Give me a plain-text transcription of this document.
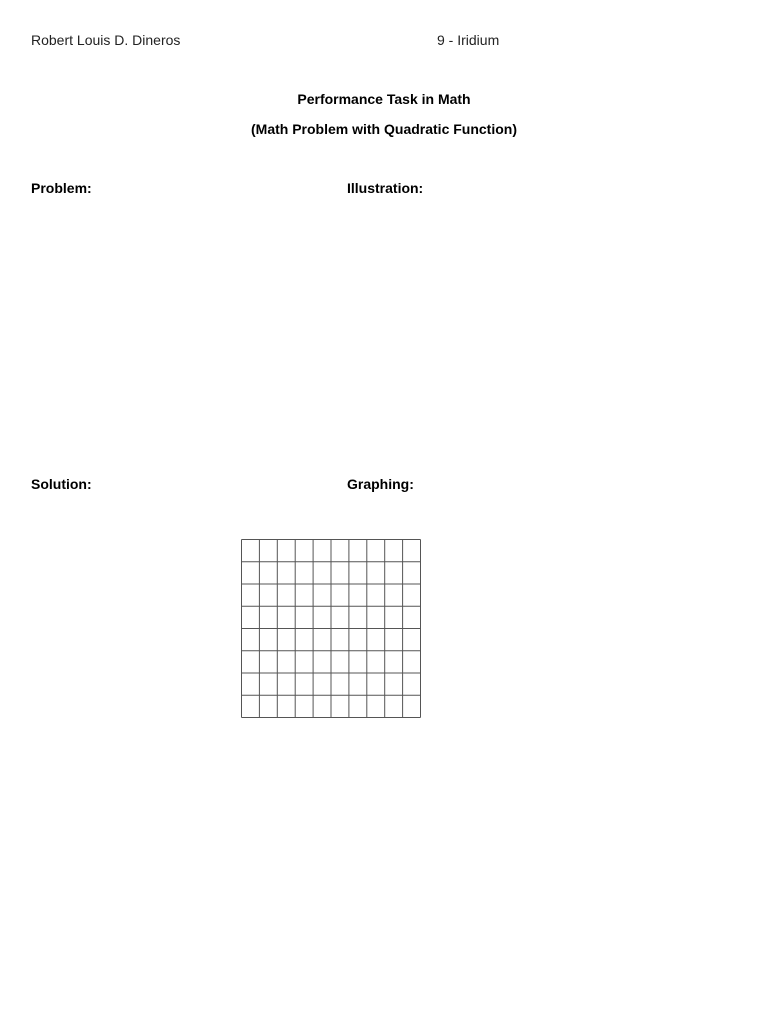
Robert Louis D. Dineros	9 - Iridium
Performance Task in Math
(Math Problem with Quadratic Function)
Problem:	Illustration:
Solution:	Graphing:
